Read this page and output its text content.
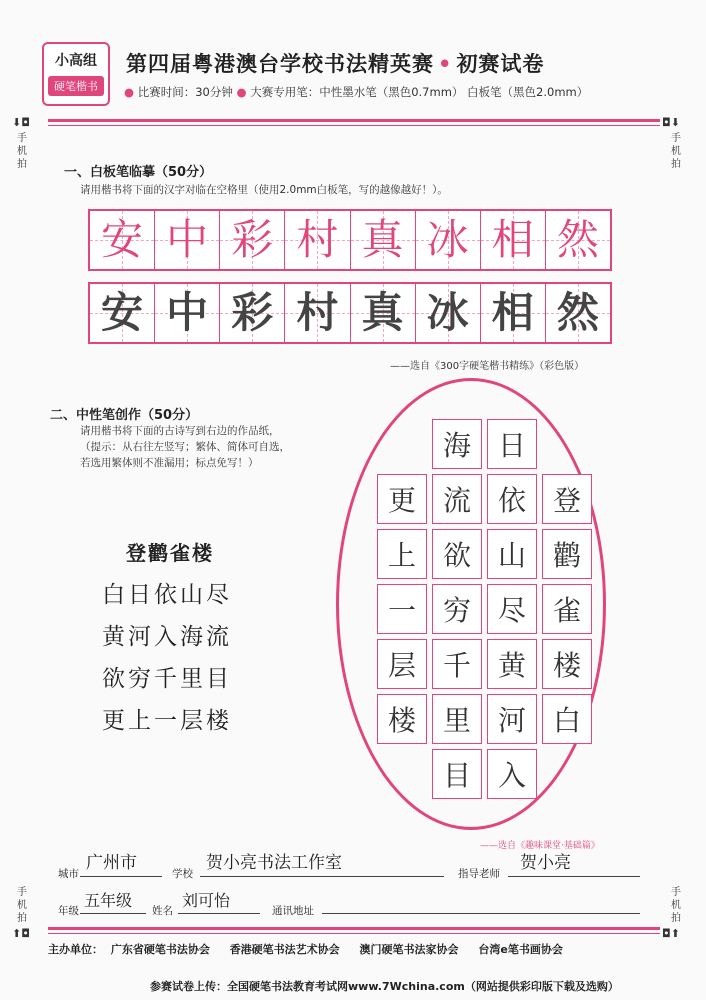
小高组
硬笔楷书
第四届粤港澳台学校书法精英赛 • 初赛试卷
● 比赛时间：30分钟 ● 大赛专用笔：中性墨水笔（黑色0.7mm） 白板笔（黑色2.0mm）
⬇◘
手
机
拍
◘⬇
手
机
拍
手
机
拍
⬆◘
手
机
拍
◘⬆
一、白板笔临摹（50分）
请用楷书将下面的汉字对临在空格里（使用2.0mm白板笔，写的越像越好！）。
安 中 彩 村 真 冰 相 然
安 中 彩 村 真 冰 相 然
——选自《300字硬笔楷书精练》（彩色版）
二、中性笔创作（50分）
请用楷书将下面的古诗写到右边的作品纸，
（提示：从右往左竖写；繁体、简体可自选，
若选用繁体则不准漏用；标点免写！）
登鹳雀楼
白日依山尽
黄河入海流
欲穷千里目
更上一层楼
登
鹳
雀
楼
白
日
依
山
尽
黄
河
入
海
流
欲
穷
千
里
目
更
上
一
层
楼
——选自《趣味课堂·基础篇》
城市
广州市
学校
贺小亮书法工作室
指导老师
贺小亮
年级
五年级
姓名
刘可怡
通讯地址
主办单位： 广东省硬笔书法协会 香港硬笔书法艺术协会 澳门硬笔书法家协会 台湾e笔书画协会
参赛试卷上传：全国硬笔书法教育考试网www.7Wchina.com（网站提供彩印版下载及选购）
